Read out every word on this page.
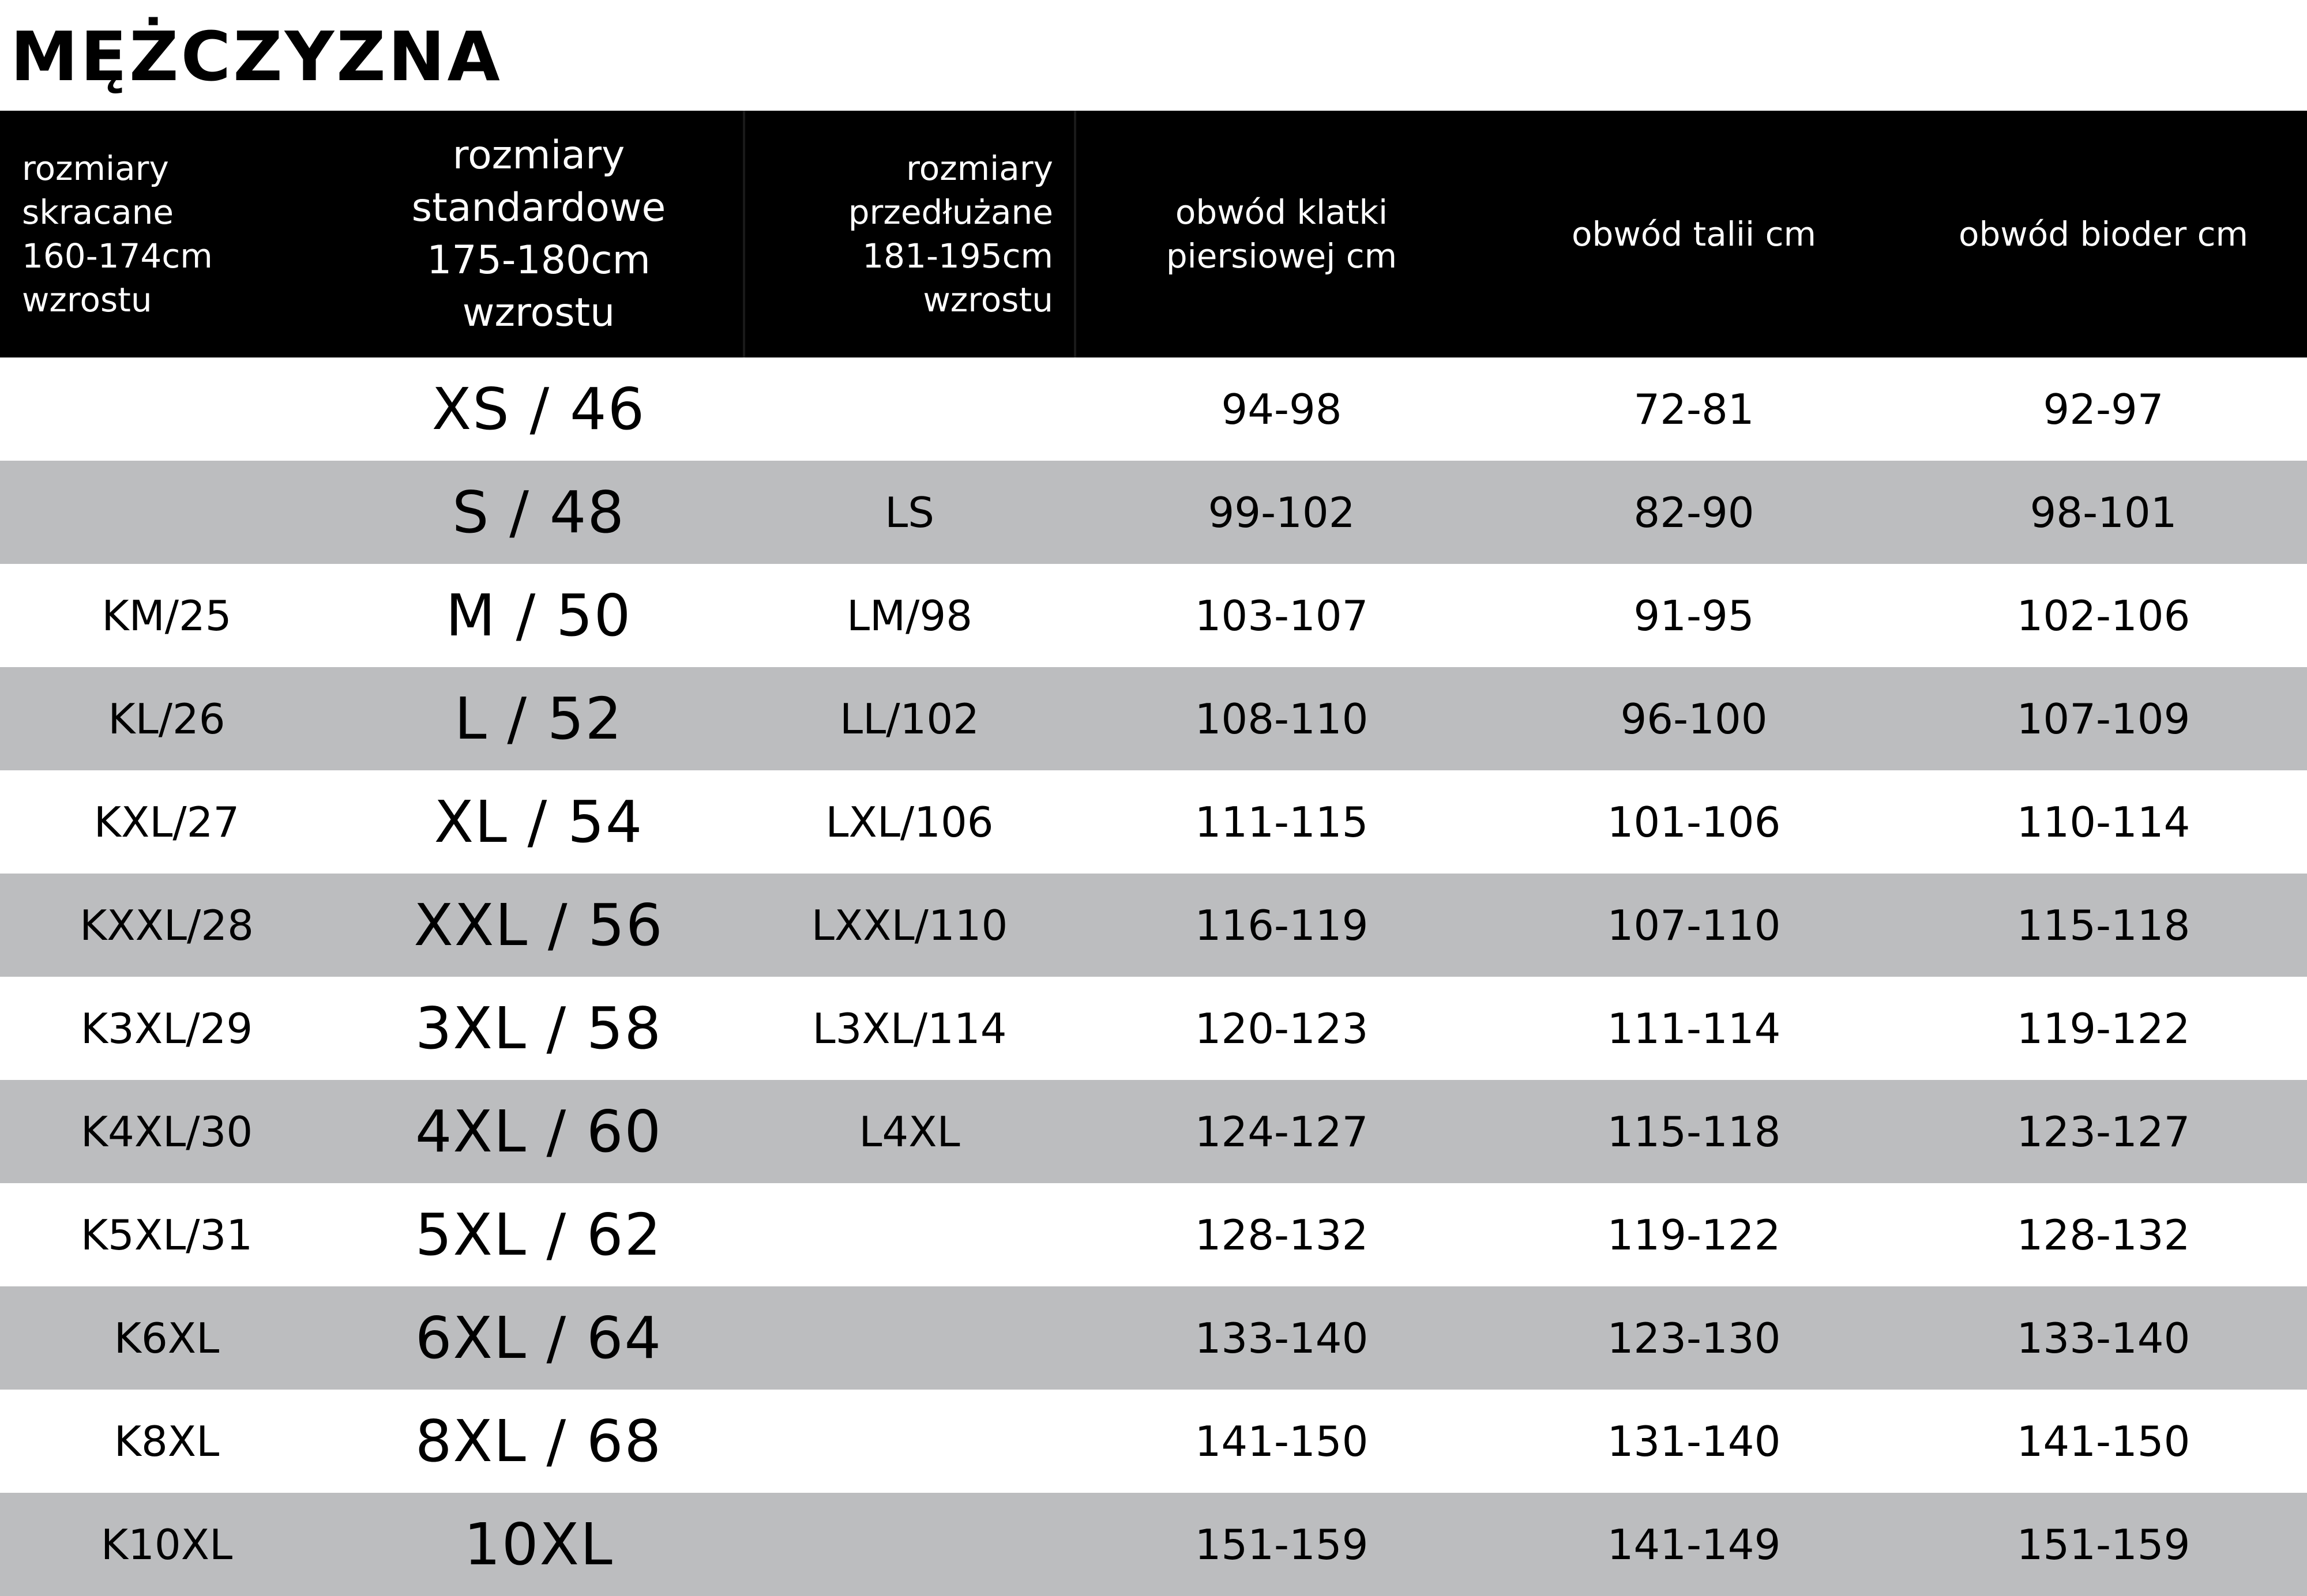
MĘŻCZYZNA
rozmiary
skracane
160-174cm
wzrostu	rozmiary
standardowe
175-180cm
wzrostu	rozmiary
przedłużane
181-195cm
wzrostu	obwód klatki
piersiowej cm	obwód talii cm	obwód bioder cm

	XS / 46		94-98	72-81	92-97
	S / 48	LS	99-102	82-90	98-101
KM/25	M / 50	LM/98	103-107	91-95	102-106
KL/26	L / 52	LL/102	108-110	96-100	107-109
KXL/27	XL / 54	LXL/106	111-115	101-106	110-114
KXXL/28	XXL / 56	LXXL/110	116-119	107-110	115-118
K3XL/29	3XL / 58	L3XL/114	120-123	111-114	119-122
K4XL/30	4XL / 60	L4XL	124-127	115-118	123-127
K5XL/31	5XL / 62		128-132	119-122	128-132
K6XL	6XL / 64		133-140	123-130	133-140
K8XL	8XL / 68		141-150	131-140	141-150
K10XL	10XL		151-159	141-149	151-159
